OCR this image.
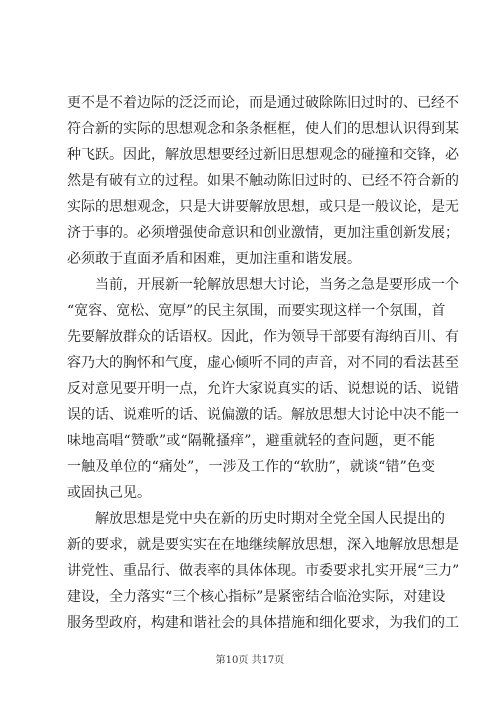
更不是不着边际的泛泛而论，而是通过破除陈旧过时的、已经不
符合新的实际的思想观念和条条框框，使人们的思想认识得到某
种飞跃。因此，解放思想要经过新旧思想观念的碰撞和交锋，必
然是有破有立的过程。如果不触动陈旧过时的、已经不符合新的
实际的思想观念，只是大讲要解放思想，或只是一般议论，是无
济于事的。必须增强使命意识和创业激情，更加注重创新发展；
必须敢于直面矛盾和困难，更加注重和谐发展。
　　当前，开展新一轮解放思想大讨论，当务之急是要形成一个
“宽容、宽松、宽厚”的民主氛围，而要实现这样一个氛围，首
先要解放群众的话语权。因此，作为领导干部要有海纳百川、有
容乃大的胸怀和气度，虚心倾听不同的声音，对不同的看法甚至
反对意见要开明一点，允许大家说真实的话、说想说的话、说错
误的话、说难听的话、说偏激的话。解放思想大讨论中决不能一
味地高唱“赞歌”或“隔靴搔痒”，避重就轻的查问题，更不能
一触及单位的“痛处”，一涉及工作的“软肋”，就谈“错”色变
或固执己见。
　　解放思想是党中央在新的历史时期对全党全国人民提出的
新的要求，就是要实实在在地继续解放思想，深入地解放思想是
讲党性、重品行、做表率的具体体现。市委要求扎实开展“三力”
建设，全力落实“三个核心指标”是紧密结合临沧实际，对建设
服务型政府，构建和谐社会的具体措施和细化要求，为我们的工
第10页 共17页
